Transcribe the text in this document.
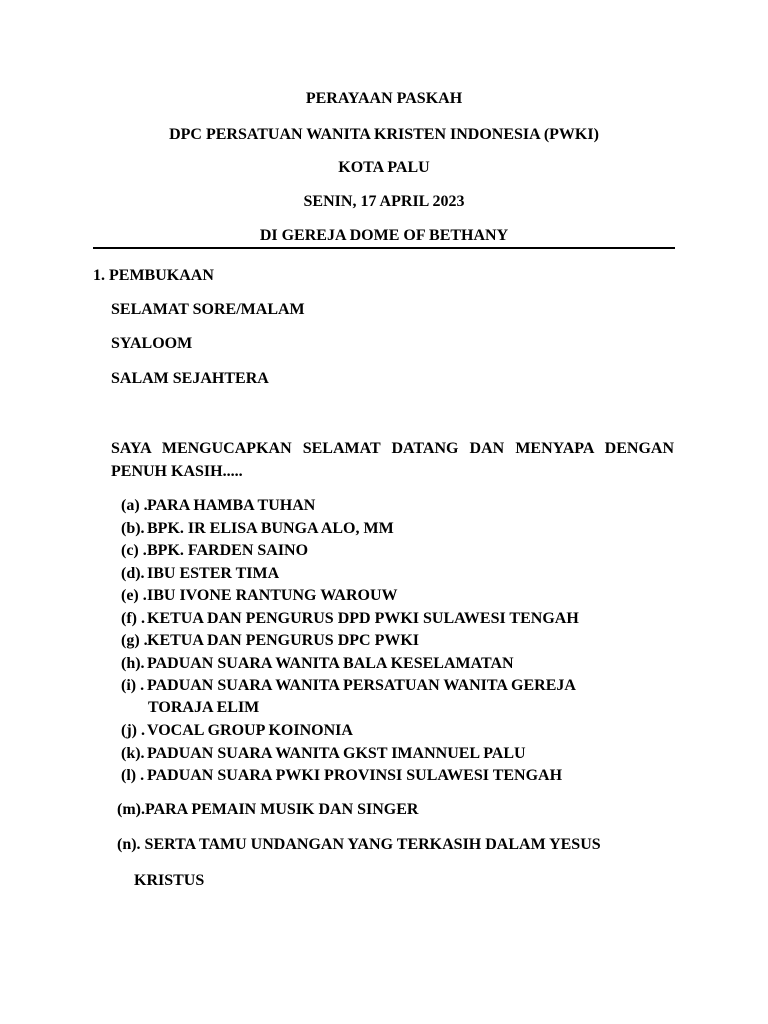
PERAYAAN PASKAH
DPC PERSATUAN WANITA KRISTEN INDONESIA (PWKI)
KOTA PALU
SENIN, 17 APRIL 2023
DI GEREJA DOME OF BETHANY
1. PEMBUKAAN
SELAMAT SORE/MALAM
SYALOOM
SALAM SEJAHTERA
SAYA MENGUCAPKAN SELAMAT DATANG DAN MENYAPA DENGAN PENUH KASIH.....
(a) . PARA HAMBA TUHAN
(b). BPK. IR ELISA BUNGA ALO, MM
(c) . BPK. FARDEN SAINO
(d). IBU ESTER TIMA
(e) . IBU IVONE RANTUNG WAROUW
(f) . KETUA DAN PENGURUS DPD PWKI SULAWESI TENGAH
(g) . KETUA DAN PENGURUS DPC PWKI
(h). PADUAN SUARA WANITA BALA KESELAMATAN
(i) . PADUAN SUARA WANITA PERSATUAN WANITA GEREJA
TORAJA ELIM
(j) . VOCAL GROUP KOINONIA
(k). PADUAN SUARA WANITA GKST IMANNUEL PALU
(l) . PADUAN SUARA PWKI PROVINSI SULAWESI TENGAH
(m).PARA PEMAIN MUSIK DAN SINGER
(n). SERTA TAMU UNDANGAN YANG TERKASIH DALAM YESUS
KRISTUS
